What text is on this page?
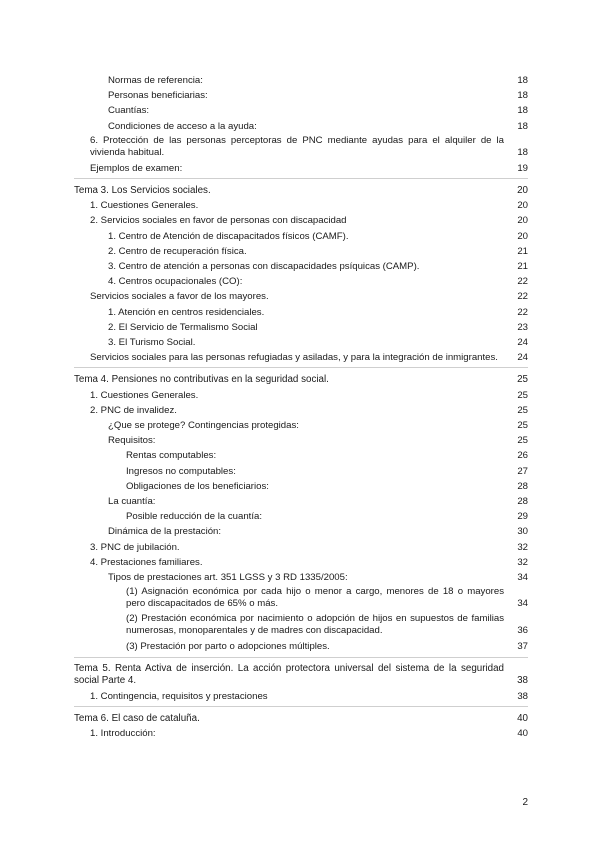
Normas de referencia:	18
Personas beneficiarias:	18
Cuantías:	18
Condiciones de acceso a la ayuda:	18
6. Protección de las personas perceptoras de PNC mediante ayudas para el alquiler de la vivienda habitual.	18
Ejemplos de examen:	19
Tema 3. Los Servicios sociales.	20
1. Cuestiones Generales.	20
2. Servicios sociales en favor de personas con discapacidad	20
1. Centro de Atención de discapacitados físicos (CAMF).	20
2. Centro de recuperación física.	21
3. Centro de atención a personas con discapacidades psíquicas (CAMP).	21
4. Centros ocupacionales (CO):	22
Servicios sociales a favor de los mayores.	22
1. Atención en centros residenciales.	22
2. El Servicio de Termalismo Social	23
3. El Turismo Social.	24
Servicios sociales para las personas refugiadas y asiladas, y para la integración de inmigrantes.	24
Tema 4. Pensiones no contributivas en la seguridad social.	25
1. Cuestiones Generales.	25
2. PNC de invalidez.	25
¿Que se protege? Contingencias protegidas:	25
Requisitos:	25
Rentas computables:	26
Ingresos no computables:	27
Obligaciones de los beneficiarios:	28
La cuantía:	28
Posible reducción de la cuantía:	29
Dinámica de la prestación:	30
3. PNC de jubilación.	32
4. Prestaciones familiares.	32
Tipos de prestaciones art. 351 LGSS y 3 RD 1335/2005:	34
(1) Asignación económica por cada hijo o menor a cargo, menores de 18 o mayores pero discapacitados de 65% o más.	34
(2) Prestación económica por nacimiento o adopción de hijos en supuestos de familias numerosas, monoparentales y de madres con discapacidad.	36
(3) Prestación por parto o adopciones múltiples.	37
Tema 5. Renta Activa de inserción. La acción protectora universal del sistema de la seguridad social Parte 4.	38
1. Contingencia, requisitos y prestaciones	38
Tema 6. El caso de cataluña.	40
1. Introducción:	40
2
